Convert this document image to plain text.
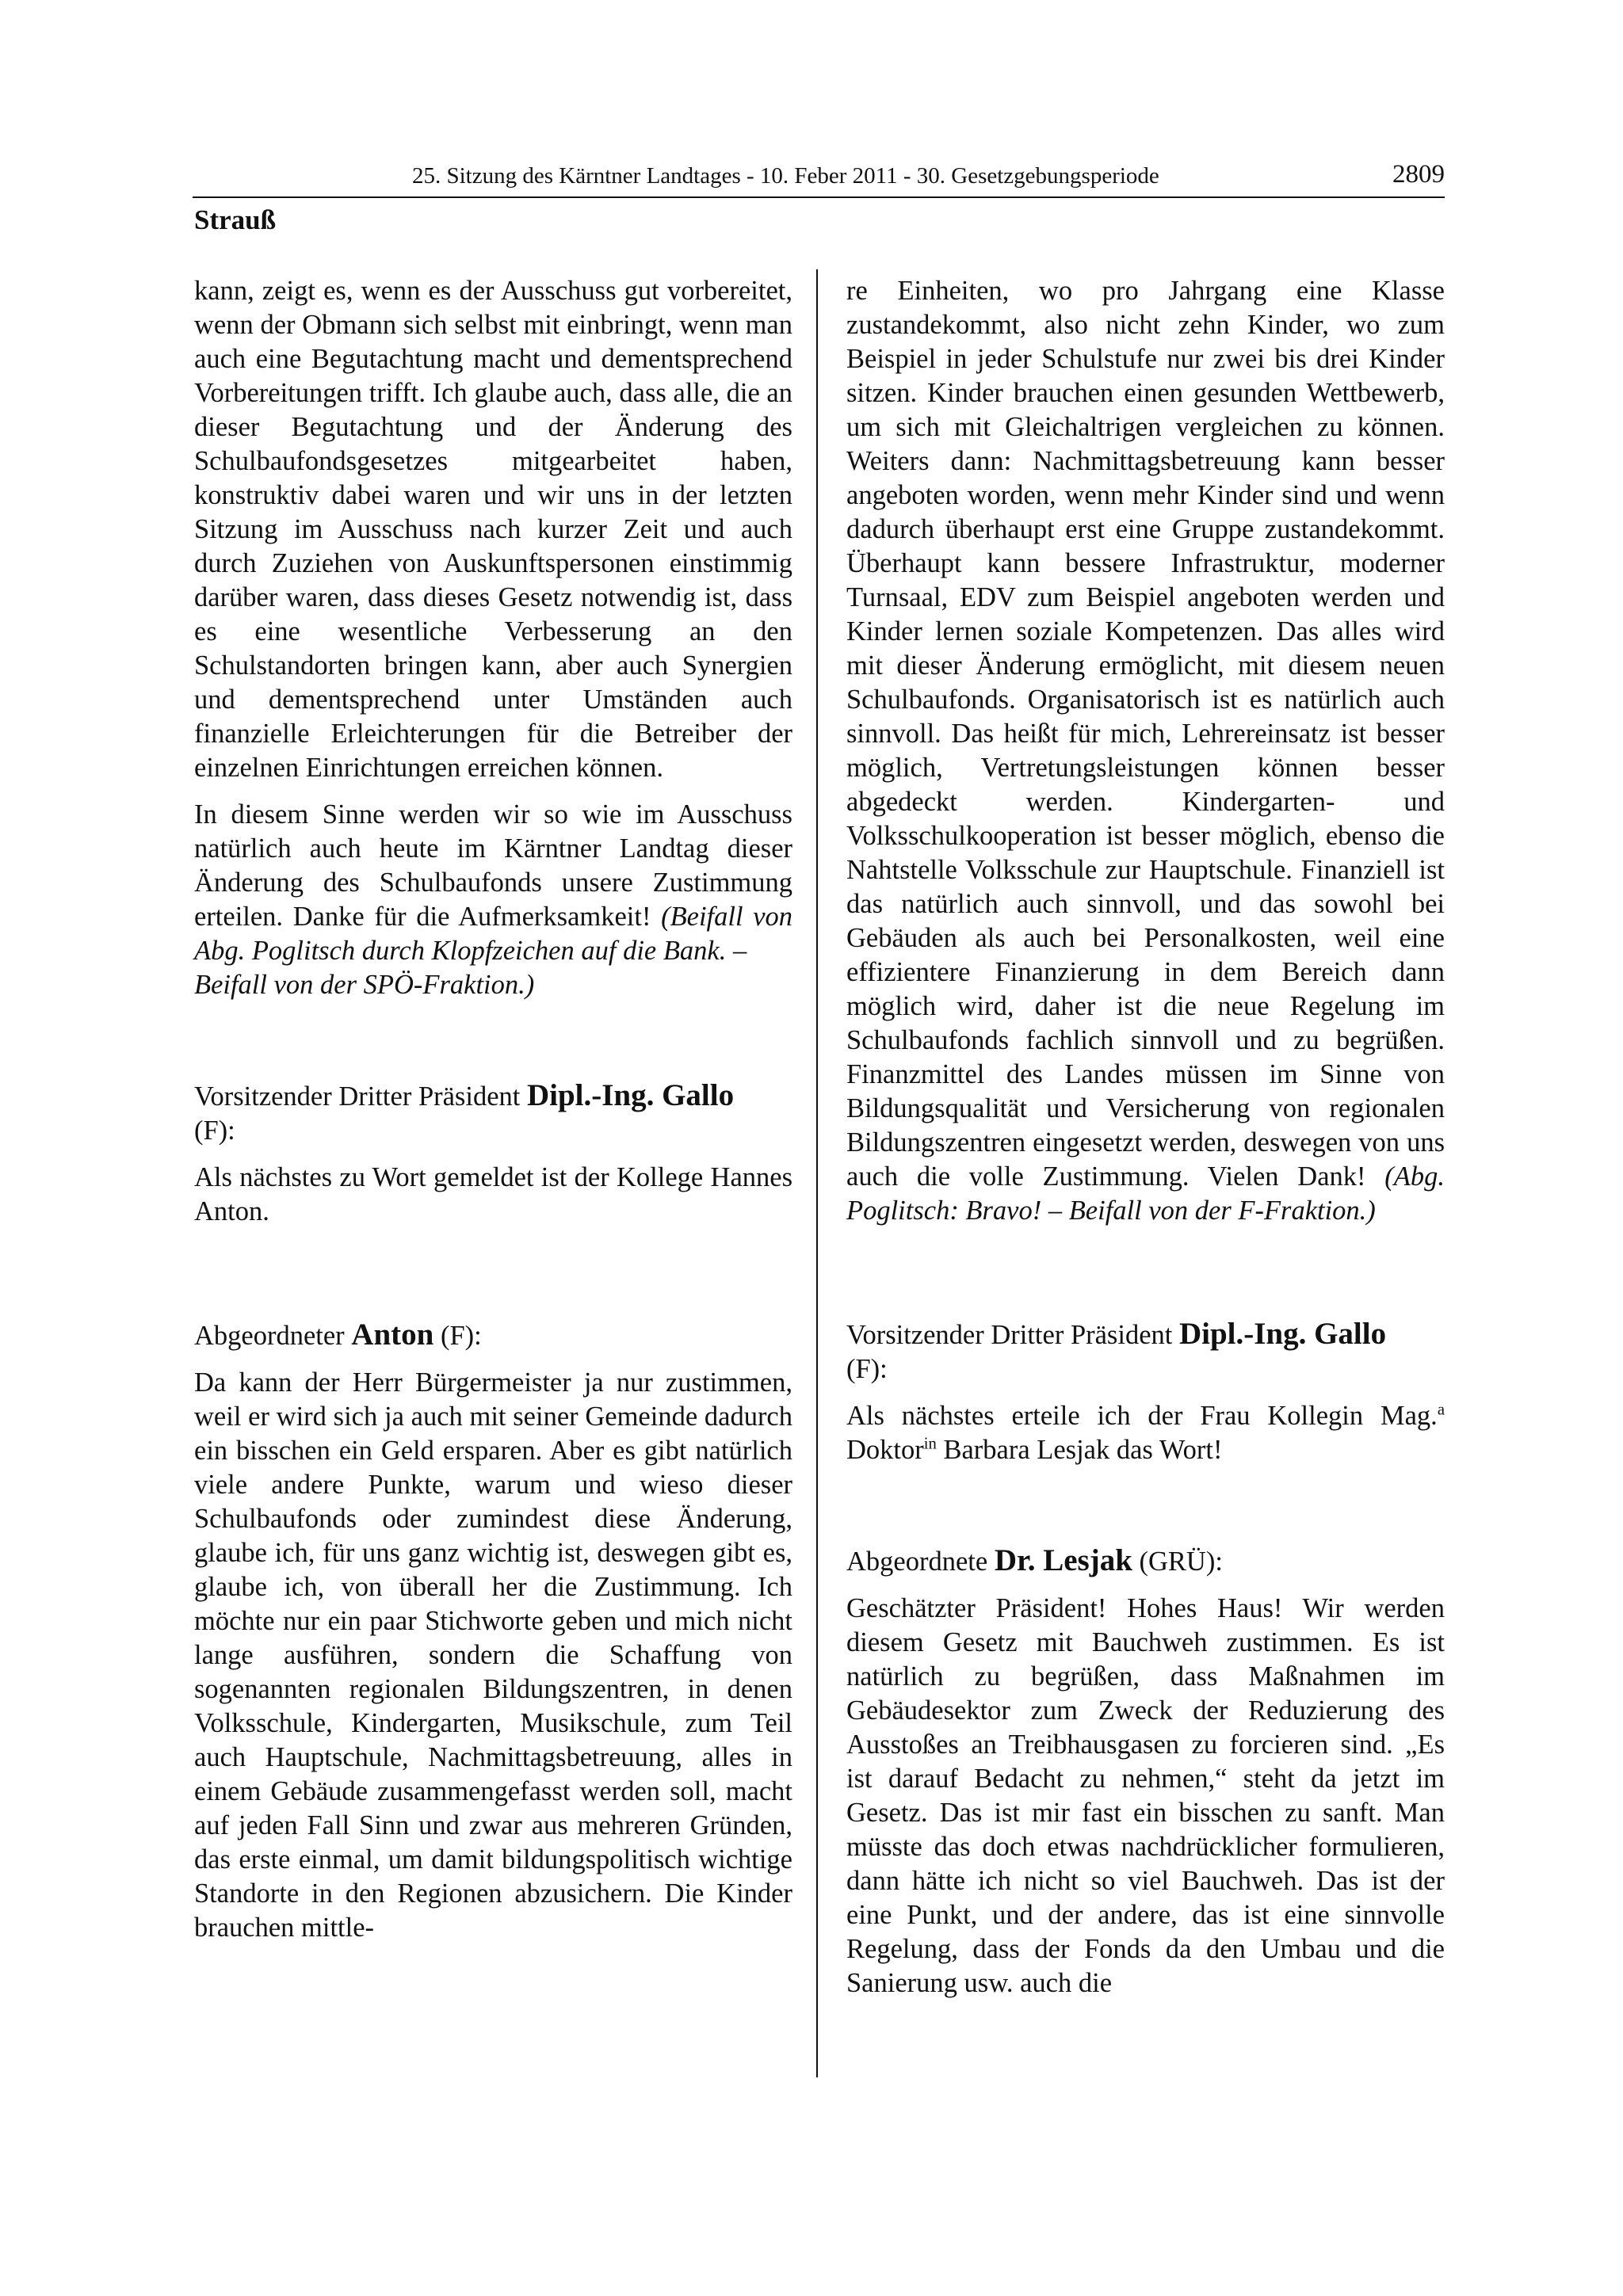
25. Sitzung des Kärntner Landtages - 10. Feber 2011 - 30. Gesetzgebungsperiode	2809
Strauß

kann, zeigt es, wenn es der Ausschuss gut vorbereitet, wenn der Obmann sich selbst mit einbringt, wenn man auch eine Begutachtung macht und dementsprechend Vorbereitungen trifft. Ich glaube auch, dass alle, die an dieser Begutachtung und der Änderung des Schulbaufondsgesetzes mitgearbeitet haben, konstruktiv dabei waren und wir uns in der letzten Sitzung im Ausschuss nach kurzer Zeit und auch durch Zuziehen von Auskunftspersonen einstimmig darüber waren, dass dieses Gesetz notwendig ist, dass es eine wesentliche Verbesserung an den Schulstandorten bringen kann, aber auch Synergien und dementsprechend unter Umständen auch finanzielle Erleichterungen für die Betreiber der einzelnen Einrichtungen erreichen können.

In diesem Sinne werden wir so wie im Ausschuss natürlich auch heute im Kärntner Landtag dieser Änderung des Schulbaufonds unsere Zustimmung erteilen. Danke für die Aufmerksamkeit! (Beifall von Abg. Poglitsch durch Klopfzeichen auf die Bank. –
Beifall von der SPÖ-Fraktion.)

Vorsitzender Dritter Präsident Dipl.-Ing. Gallo
(F):

Als nächstes zu Wort gemeldet ist der Kollege Hannes Anton.

Abgeordneter Anton (F):

Da kann der Herr Bürgermeister ja nur zustimmen, weil er wird sich ja auch mit seiner Gemeinde dadurch ein bisschen ein Geld ersparen. Aber es gibt natürlich viele andere Punkte, warum und wieso dieser Schulbaufonds oder zumindest diese Änderung, glaube ich, für uns ganz wichtig ist, deswegen gibt es, glaube ich, von überall her die Zustimmung. Ich möchte nur ein paar Stichworte geben und mich nicht lange ausführen, sondern die Schaffung von sogenannten regionalen Bildungszentren, in denen Volksschule, Kindergarten, Musikschule, zum Teil auch Hauptschule, Nachmittagsbetreuung, alles in einem Gebäude zusammengefasst werden soll, macht auf jeden Fall Sinn und zwar aus mehreren Gründen, das erste einmal, um damit bildungspolitisch wichtige Standorte in den Regionen abzusichern. Die Kinder brauchen mittle-

re Einheiten, wo pro Jahrgang eine Klasse zustandekommt, also nicht zehn Kinder, wo zum Beispiel in jeder Schulstufe nur zwei bis drei Kinder sitzen. Kinder brauchen einen gesunden Wettbewerb, um sich mit Gleichaltrigen vergleichen zu können. Weiters dann: Nachmittagsbetreuung kann besser angeboten worden, wenn mehr Kinder sind und wenn dadurch überhaupt erst eine Gruppe zustandekommt. Überhaupt kann bessere Infrastruktur, moderner Turnsaal, EDV zum Beispiel angeboten werden und Kinder lernen soziale Kompetenzen. Das alles wird mit dieser Änderung ermöglicht, mit diesem neuen Schulbaufonds. Organisatorisch ist es natürlich auch sinnvoll. Das heißt für mich, Lehrereinsatz ist besser möglich, Vertretungsleistungen können besser abgedeckt werden. Kindergarten- und Volksschulkooperation ist besser möglich, ebenso die Nahtstelle Volksschule zur Hauptschule. Finanziell ist das natürlich auch sinnvoll, und das sowohl bei Gebäuden als auch bei Personalkosten, weil eine effizientere Finanzierung in dem Bereich dann möglich wird, daher ist die neue Regelung im Schulbaufonds fachlich sinnvoll und zu begrüßen. Finanzmittel des Landes müssen im Sinne von Bildungsqualität und Versicherung von regionalen Bildungszentren eingesetzt werden, deswegen von uns auch die volle Zustimmung. Vielen Dank! (Abg. Poglitsch: Bravo! – Beifall von der F-Fraktion.)

Vorsitzender Dritter Präsident Dipl.-Ing. Gallo
(F):

Als nächstes erteile ich der Frau Kollegin Mag.$^a$ Doktor$^{in}$ Barbara Lesjak das Wort!

Abgeordnete Dr. Lesjak (GRÜ):

Geschätzter Präsident! Hohes Haus! Wir werden diesem Gesetz mit Bauchweh zustimmen. Es ist natürlich zu begrüßen, dass Maßnahmen im Gebäudesektor zum Zweck der Reduzierung des Ausstoßes an Treibhausgasen zu forcieren sind. „Es ist darauf Bedacht zu nehmen,“ steht da jetzt im Gesetz. Das ist mir fast ein bisschen zu sanft. Man müsste das doch etwas nachdrücklicher formulieren, dann hätte ich nicht so viel Bauchweh. Das ist der eine Punkt, und der andere, das ist eine sinnvolle Regelung, dass der Fonds da den Umbau und die Sanierung usw. auch die
